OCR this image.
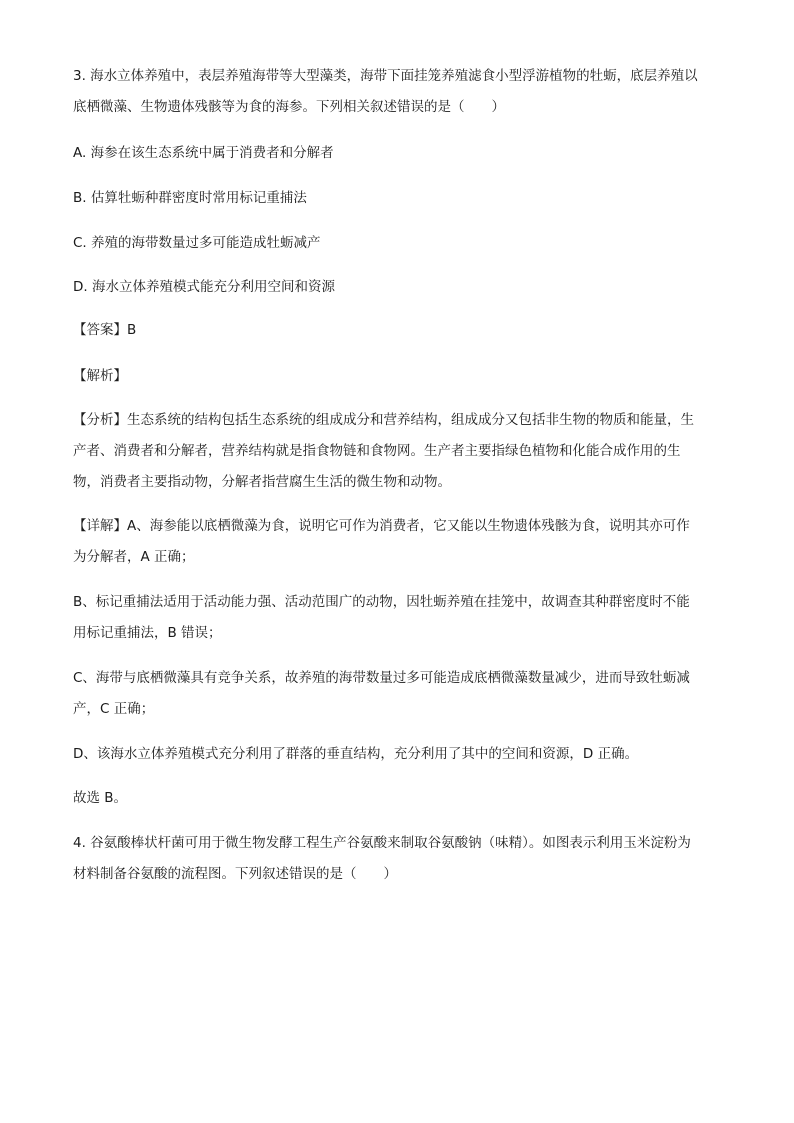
3. 海水立体养殖中，表层养殖海带等大型藻类，海带下面挂笼养殖滤食小型浮游植物的牡蛎，底层养殖以
底栖微藻、生物遗体残骸等为食的海参。下列相关叙述错误的是（　　）
A. 海参在该生态系统中属于消费者和分解者
B. 估算牡蛎种群密度时常用标记重捕法
C. 养殖的海带数量过多可能造成牡蛎减产
D. 海水立体养殖模式能充分利用空间和资源
【答案】B
【解析】
【分析】生态系统的结构包括生态系统的组成成分和营养结构，组成成分又包括非生物的物质和能量，生
产者、消费者和分解者，营养结构就是指食物链和食物网。生产者主要指绿色植物和化能合成作用的生
物，消费者主要指动物，分解者指营腐生生活的微生物和动物。
【详解】A、海参能以底栖微藻为食，说明它可作为消费者，它又能以生物遗体残骸为食，说明其亦可作
为分解者，A 正确；
B、标记重捕法适用于活动能力强、活动范围广的动物，因牡蛎养殖在挂笼中，故调查其种群密度时不能
用标记重捕法，B 错误；
C、海带与底栖微藻具有竞争关系，故养殖的海带数量过多可能造成底栖微藻数量减少，进而导致牡蛎减
产，C 正确；
D、该海水立体养殖模式充分利用了群落的垂直结构，充分利用了其中的空间和资源，D 正确。
故选 B。
4. 谷氨酸棒状杆菌可用于微生物发酵工程生产谷氨酸来制取谷氨酸钠（味精）。如图表示利用玉米淀粉为
材料制备谷氨酸的流程图。下列叙述错误的是（　　）
